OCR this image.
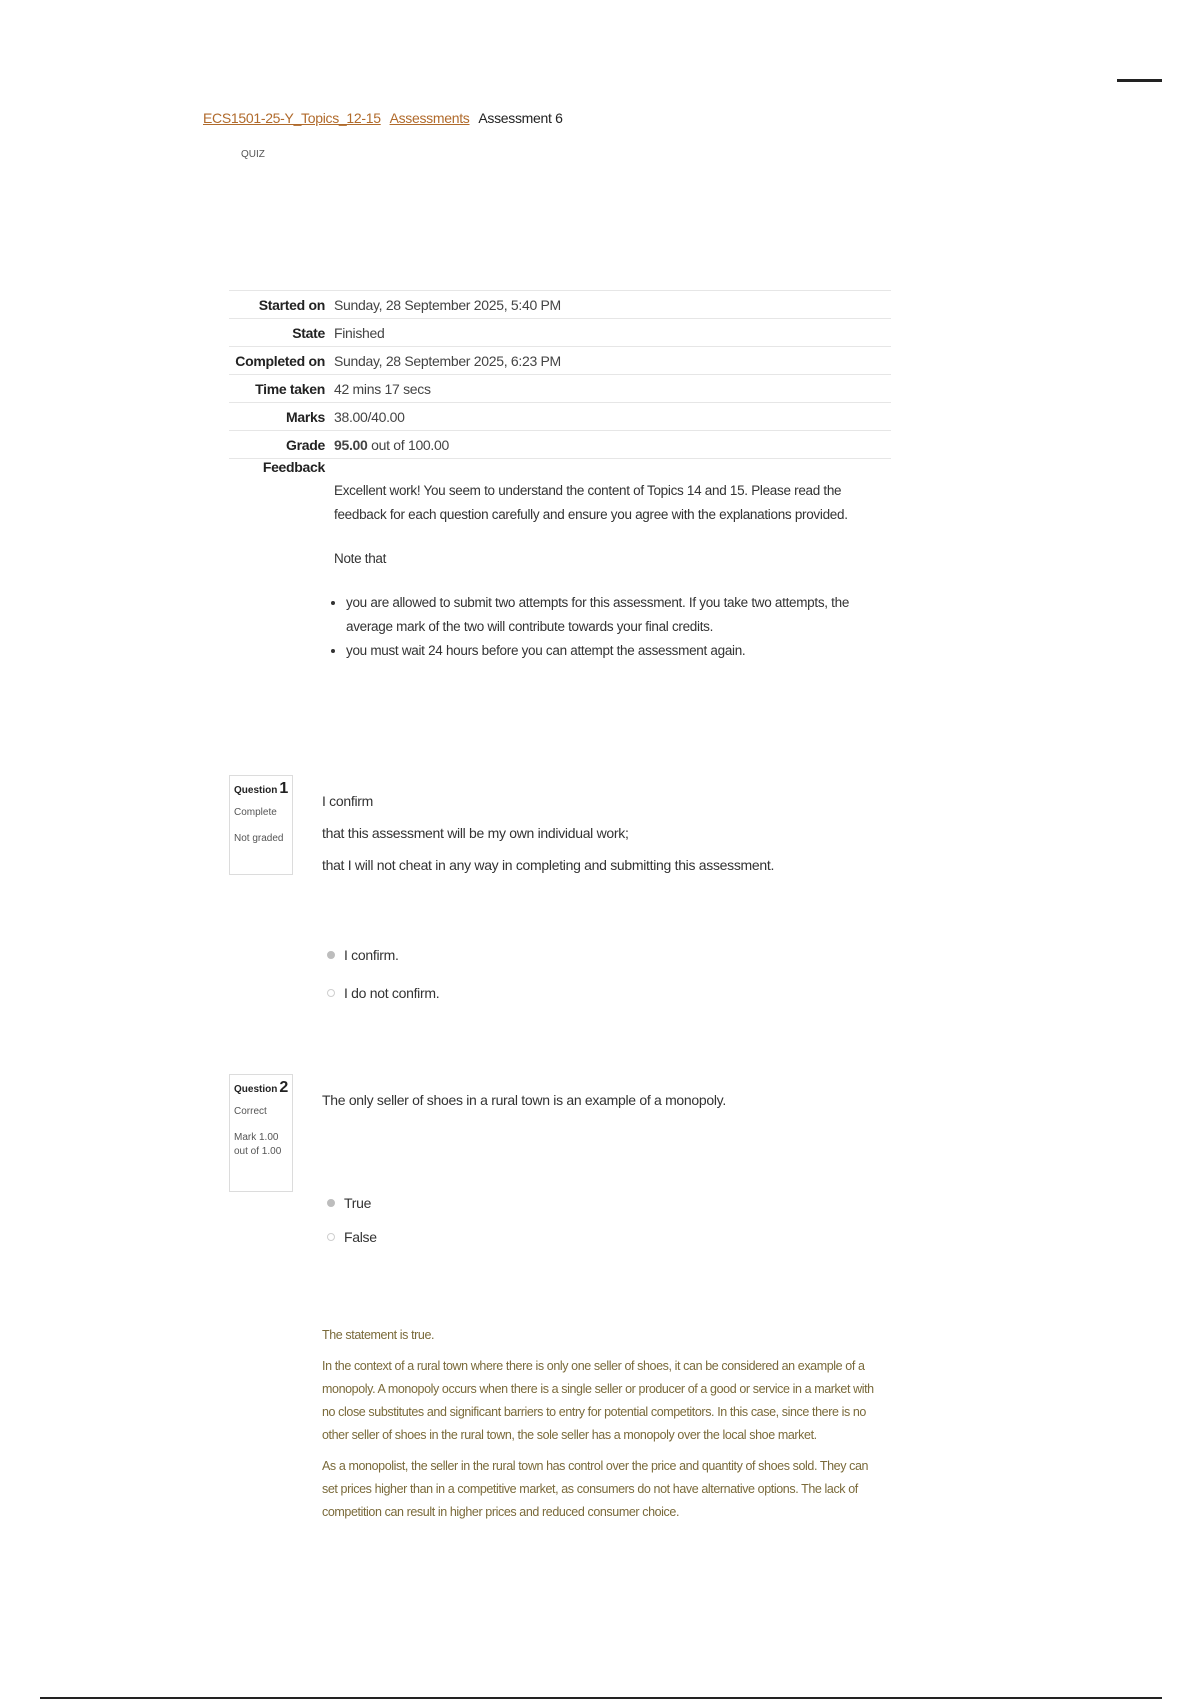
ECS1501-25-Y_Topics_12-15 Assessments Assessment 6
QUIZ
Started on Sunday, 28 September 2025, 5:40 PM
State Finished
Completed on Sunday, 28 September 2025, 6:23 PM
Time taken 42 mins 17 secs
Marks 38.00/40.00
Grade 95.00 out of 100.00
Feedback

Excellent work! You seem to understand the content of Topics 14 and 15. Please read the feedback for each question carefully and ensure you agree with the explanations provided.

Note that

• you are allowed to submit two attempts for this assessment. If you take two attempts, the average mark of the two will contribute towards your final credits.
• you must wait 24 hours before you can attempt the assessment again.
Question 1
Complete
Not graded

I confirm

that this assessment will be my own individual work;

that I will not cheat in any way in completing and submitting this assessment.

I confirm.
I do not confirm.
Question 2
Correct
Mark 1.00 out of 1.00

The only seller of shoes in a rural town is an example of a monopoly.

True
False

The statement is true.

In the context of a rural town where there is only one seller of shoes, it can be considered an example of a monopoly. A monopoly occurs when there is a single seller or producer of a good or service in a market with no close substitutes and significant barriers to entry for potential competitors. In this case, since there is no other seller of shoes in the rural town, the sole seller has a monopoly over the local shoe market.

As a monopolist, the seller in the rural town has control over the price and quantity of shoes sold. They can set prices higher than in a competitive market, as consumers do not have alternative options. The lack of competition can result in higher prices and reduced consumer choice.
